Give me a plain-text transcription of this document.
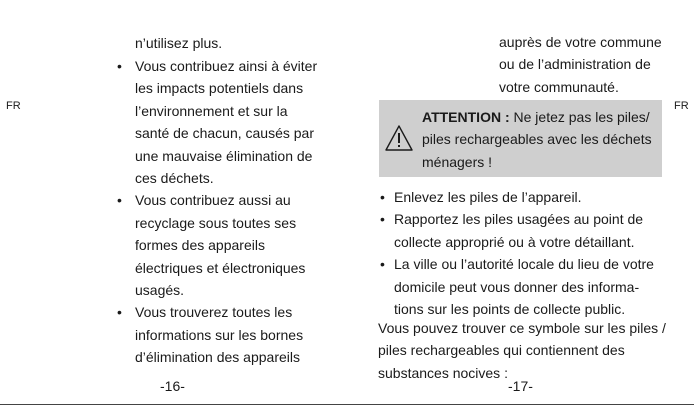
FR	FR
n’utilisez plus.
• Vous contribuez ainsi à éviter les impacts potentiels dans l’environnement et sur la santé de chacun, causés par une mauvaise élimination de ces déchets.
• Vous contribuez aussi au recyclage sous toutes ses formes des appareils électriques et électroniques usagés.
• Vous trouverez toutes les informations sur les bornes d’élimination des appareils
-16-
auprès de votre commune ou de l’administration de votre communauté.
ATTENTION : Ne jetez pas les piles/ piles rechargeables avec les déchets ménagers !
• Enlevez les piles de l’appareil.
• Rapportez les piles usagées au point de collecte approprié ou à votre détaillant.
• La ville ou l’autorité locale du lieu de votre domicile peut vous donner des informa- tions sur les points de collecte public.
Vous pouvez trouver ce symbole sur les piles / piles rechargeables qui contiennent des substances nocives :
-17-
